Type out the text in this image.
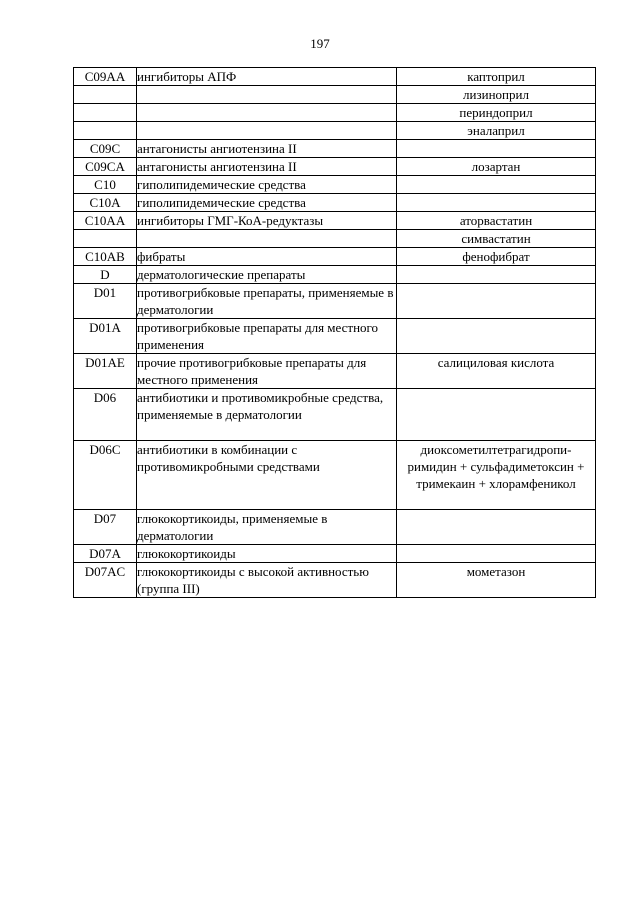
197
C09AA	ингибиторы АПФ	каптоприл
		лизиноприл
		периндоприл
		эналаприл
C09C	антагонисты ангиотензина II	
C09CA	антагонисты ангиотензина II	лозартан
C10	гиполипидемические средства	
C10A	гиполипидемические средства	
C10AA	ингибиторы ГМГ-КоА-редуктазы	аторвастатин
		симвастатин
C10AB	фибраты	фенофибрат
D	дерматологические препараты	
D01	противогрибковые препараты, применяемые в дерматологии	
D01A	противогрибковые препараты для местного применения	
D01AE	прочие противогрибковые препараты для местного применения	салициловая кислота
D06	антибиотики и противомикробные средства, применяемые в дерматологии	
D06C	антибиотики в комбинации с противомикробными средствами	диоксометилтетрагидропи-римидин + сульфадиметоксин + тримекаин + хлорамфеникол
D07	глюкокортикоиды, применяемые в дерматологии	
D07A	глюкокортикоиды	
D07AC	глюкокортикоиды с высокой активностью (группа III)	мометазон
